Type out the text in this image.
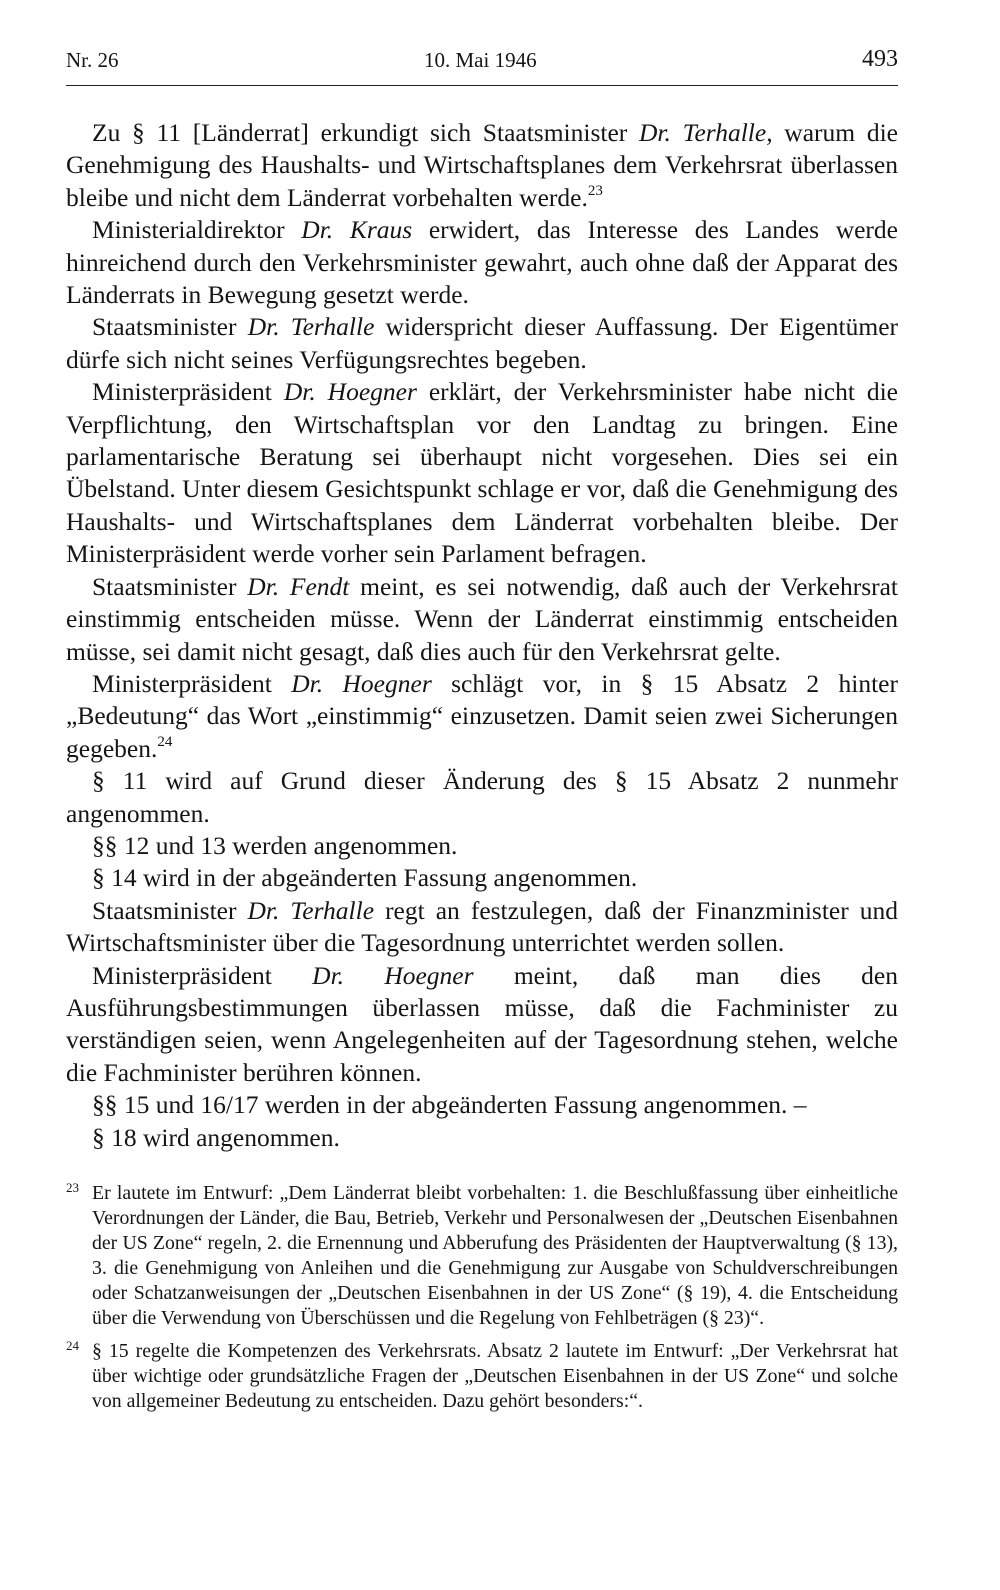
Nr. 26	10. Mai 1946	493

Zu § 11 [Länderrat] erkundigt sich Staatsminister Dr. Terhalle, warum die Genehmigung des Haushalts- und Wirtschaftsplanes dem Verkehrsrat überlassen bleibe und nicht dem Länderrat vorbehalten werde.$^{23}$

Ministerialdirektor Dr. Kraus erwidert, das Interesse des Landes werde hinreichend durch den Verkehrsminister gewahrt, auch ohne daß der Apparat des Länderrats in Bewegung gesetzt werde.

Staatsminister Dr. Terhalle widerspricht dieser Auffassung. Der Eigentümer dürfe sich nicht seines Verfügungsrechtes begeben.

Ministerpräsident Dr. Hoegner erklärt, der Verkehrsminister habe nicht die Verpflichtung, den Wirtschaftsplan vor den Landtag zu bringen. Eine parlamentarische Beratung sei überhaupt nicht vorgesehen. Dies sei ein Übelstand. Unter diesem Gesichtspunkt schlage er vor, daß die Genehmigung des Haushalts- und Wirtschaftsplanes dem Länderrat vorbehalten bleibe. Der Ministerpräsident werde vorher sein Parlament befragen.

Staatsminister Dr. Fendt meint, es sei notwendig, daß auch der Verkehrsrat einstimmig entscheiden müsse. Wenn der Länderrat einstimmig entscheiden müsse, sei damit nicht gesagt, daß dies auch für den Verkehrsrat gelte.

Ministerpräsident Dr. Hoegner schlägt vor, in § 15 Absatz 2 hinter „Bedeutung“ das Wort „einstimmig“ einzusetzen. Damit seien zwei Sicherungen gegeben.$^{24}$

§ 11 wird auf Grund dieser Änderung des § 15 Absatz 2 nunmehr angenommen.

§§ 12 und 13 werden angenommen.

§ 14 wird in der abgeänderten Fassung angenommen.

Staatsminister Dr. Terhalle regt an festzulegen, daß der Finanzminister und Wirtschaftsminister über die Tagesordnung unterrichtet werden sollen.

Ministerpräsident Dr. Hoegner meint, daß man dies den Ausführungsbestimmungen überlassen müsse, daß die Fachminister zu verständigen seien, wenn Angelegenheiten auf der Tagesordnung stehen, welche die Fachminister berühren können.

§§ 15 und 16/17 werden in der abgeänderten Fassung angenommen. –

§ 18 wird angenommen.

23 Er lautete im Entwurf: „Dem Länderrat bleibt vorbehalten: 1. die Beschlußfassung über einheitliche Verordnungen der Länder, die Bau, Betrieb, Verkehr und Personalwesen der „Deutschen Eisenbahnen der US Zone“ regeln, 2. die Ernennung und Abberufung des Präsidenten der Hauptverwaltung (§ 13), 3. die Genehmigung von Anleihen und die Genehmigung zur Ausgabe von Schuldverschreibungen oder Schatzanweisungen der „Deutschen Eisenbahnen in der US Zone“ (§ 19), 4. die Entscheidung über die Verwendung von Überschüssen und die Regelung von Fehlbeträgen (§ 23)“.
24 § 15 regelte die Kompetenzen des Verkehrsrats. Absatz 2 lautete im Entwurf: „Der Verkehrsrat hat über wichtige oder grundsätzliche Fragen der „Deutschen Eisenbahnen in der US Zone“ und solche von allgemeiner Bedeutung zu entscheiden. Dazu gehört besonders:“.
